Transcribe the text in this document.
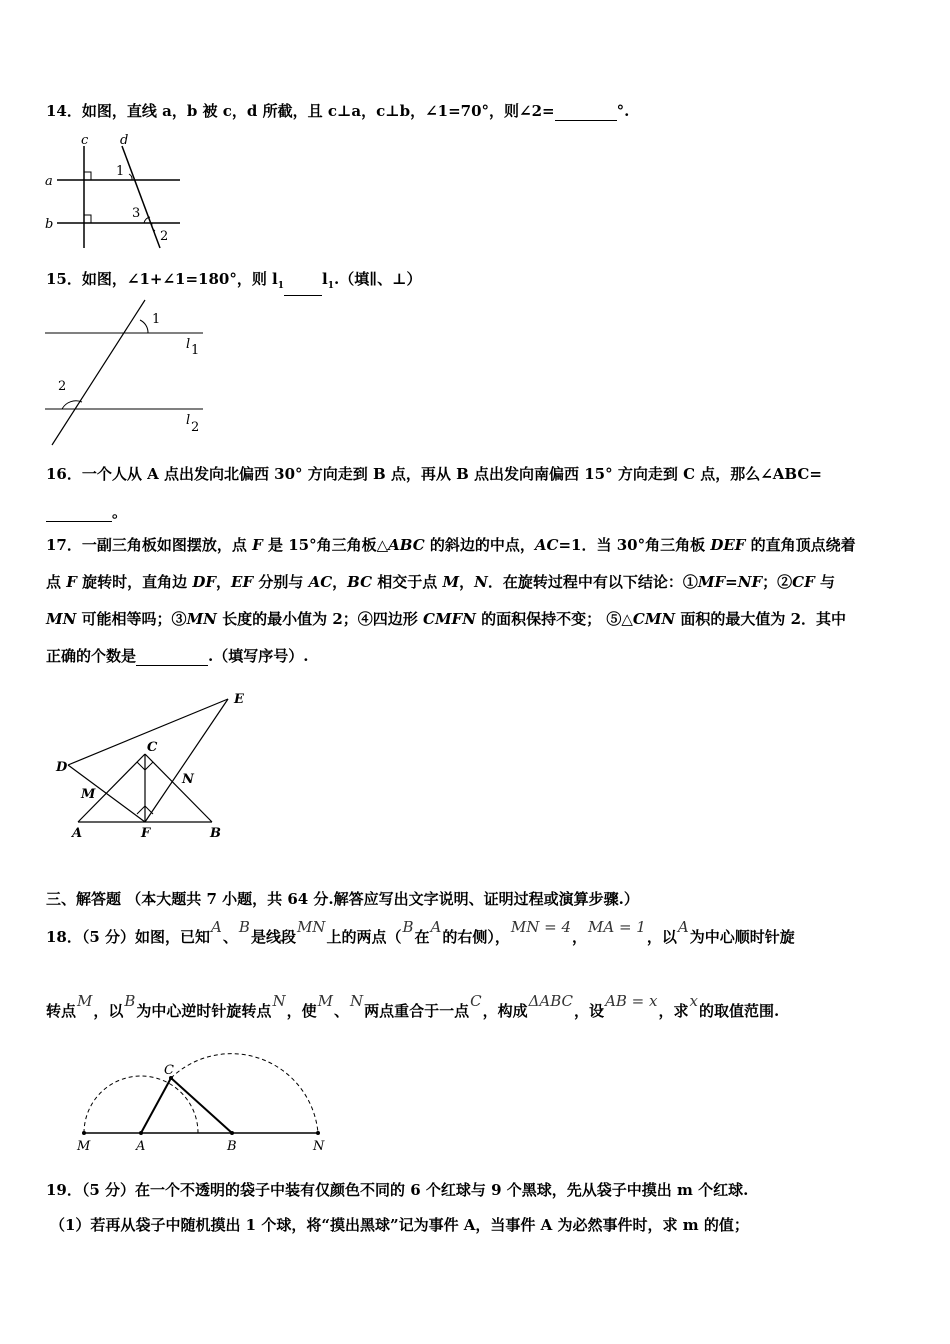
14．如图，直线 a，b 被 c，d 所截，且 c⊥a，c⊥b，∠1=70°，则∠2=	°.
c d
a
b
1
3
2
15．如图，∠1+∠1=180°，则 $l_1$	$l_1$.（填∥、⊥）
1
2
l 1
l 2
16．一个人从 A 点出发向北偏西 30° 方向走到 B 点，再从 B 点出发向南偏西 15° 方向走到 C 点，那么∠ABC=
。
17．一副三角板如图摆放，点 F 是 15°角三角板△ABC 的斜边的中点，AC=1．当 30°角三角板 DEF 的直角顶点绕着
点 F 旋转时，直角边 DF，EF 分别与 AC，BC 相交于点 M，N．在旋转过程中有以下结论：①MF=NF；②CF 与
MN 可能相等吗；③MN 长度的最小值为 2；④四边形 CMFN 的面积保持不变； ⑤△CMN 面积的最大值为 2．其中
正确的个数是	.（填写序号）.
E
D
C
M
N
A	F	B
三、解答题 （本大题共 7 小题，共 64 分.解答应写出文字说明、证明过程或演算步骤.）
18．（5 分）如图，已知A、B是线段MN上的两点（B在A的右侧），MN = 4，MA = 1，以A为中心顺时针旋
转点M，以B为中心逆时针旋转点N，使M、N两点重合于一点C，构成ΔABC，设AB = x，求x的取值范围.
C
M	A	B	N
19．（5 分）在一个不透明的袋子中装有仅颜色不同的 6 个红球与 9 个黑球，先从袋子中摸出 m 个红球.
（1）若再从袋子中随机摸出 1 个球，将“摸出黑球”记为事件 A，当事件 A 为必然事件时，求 m 的值；
